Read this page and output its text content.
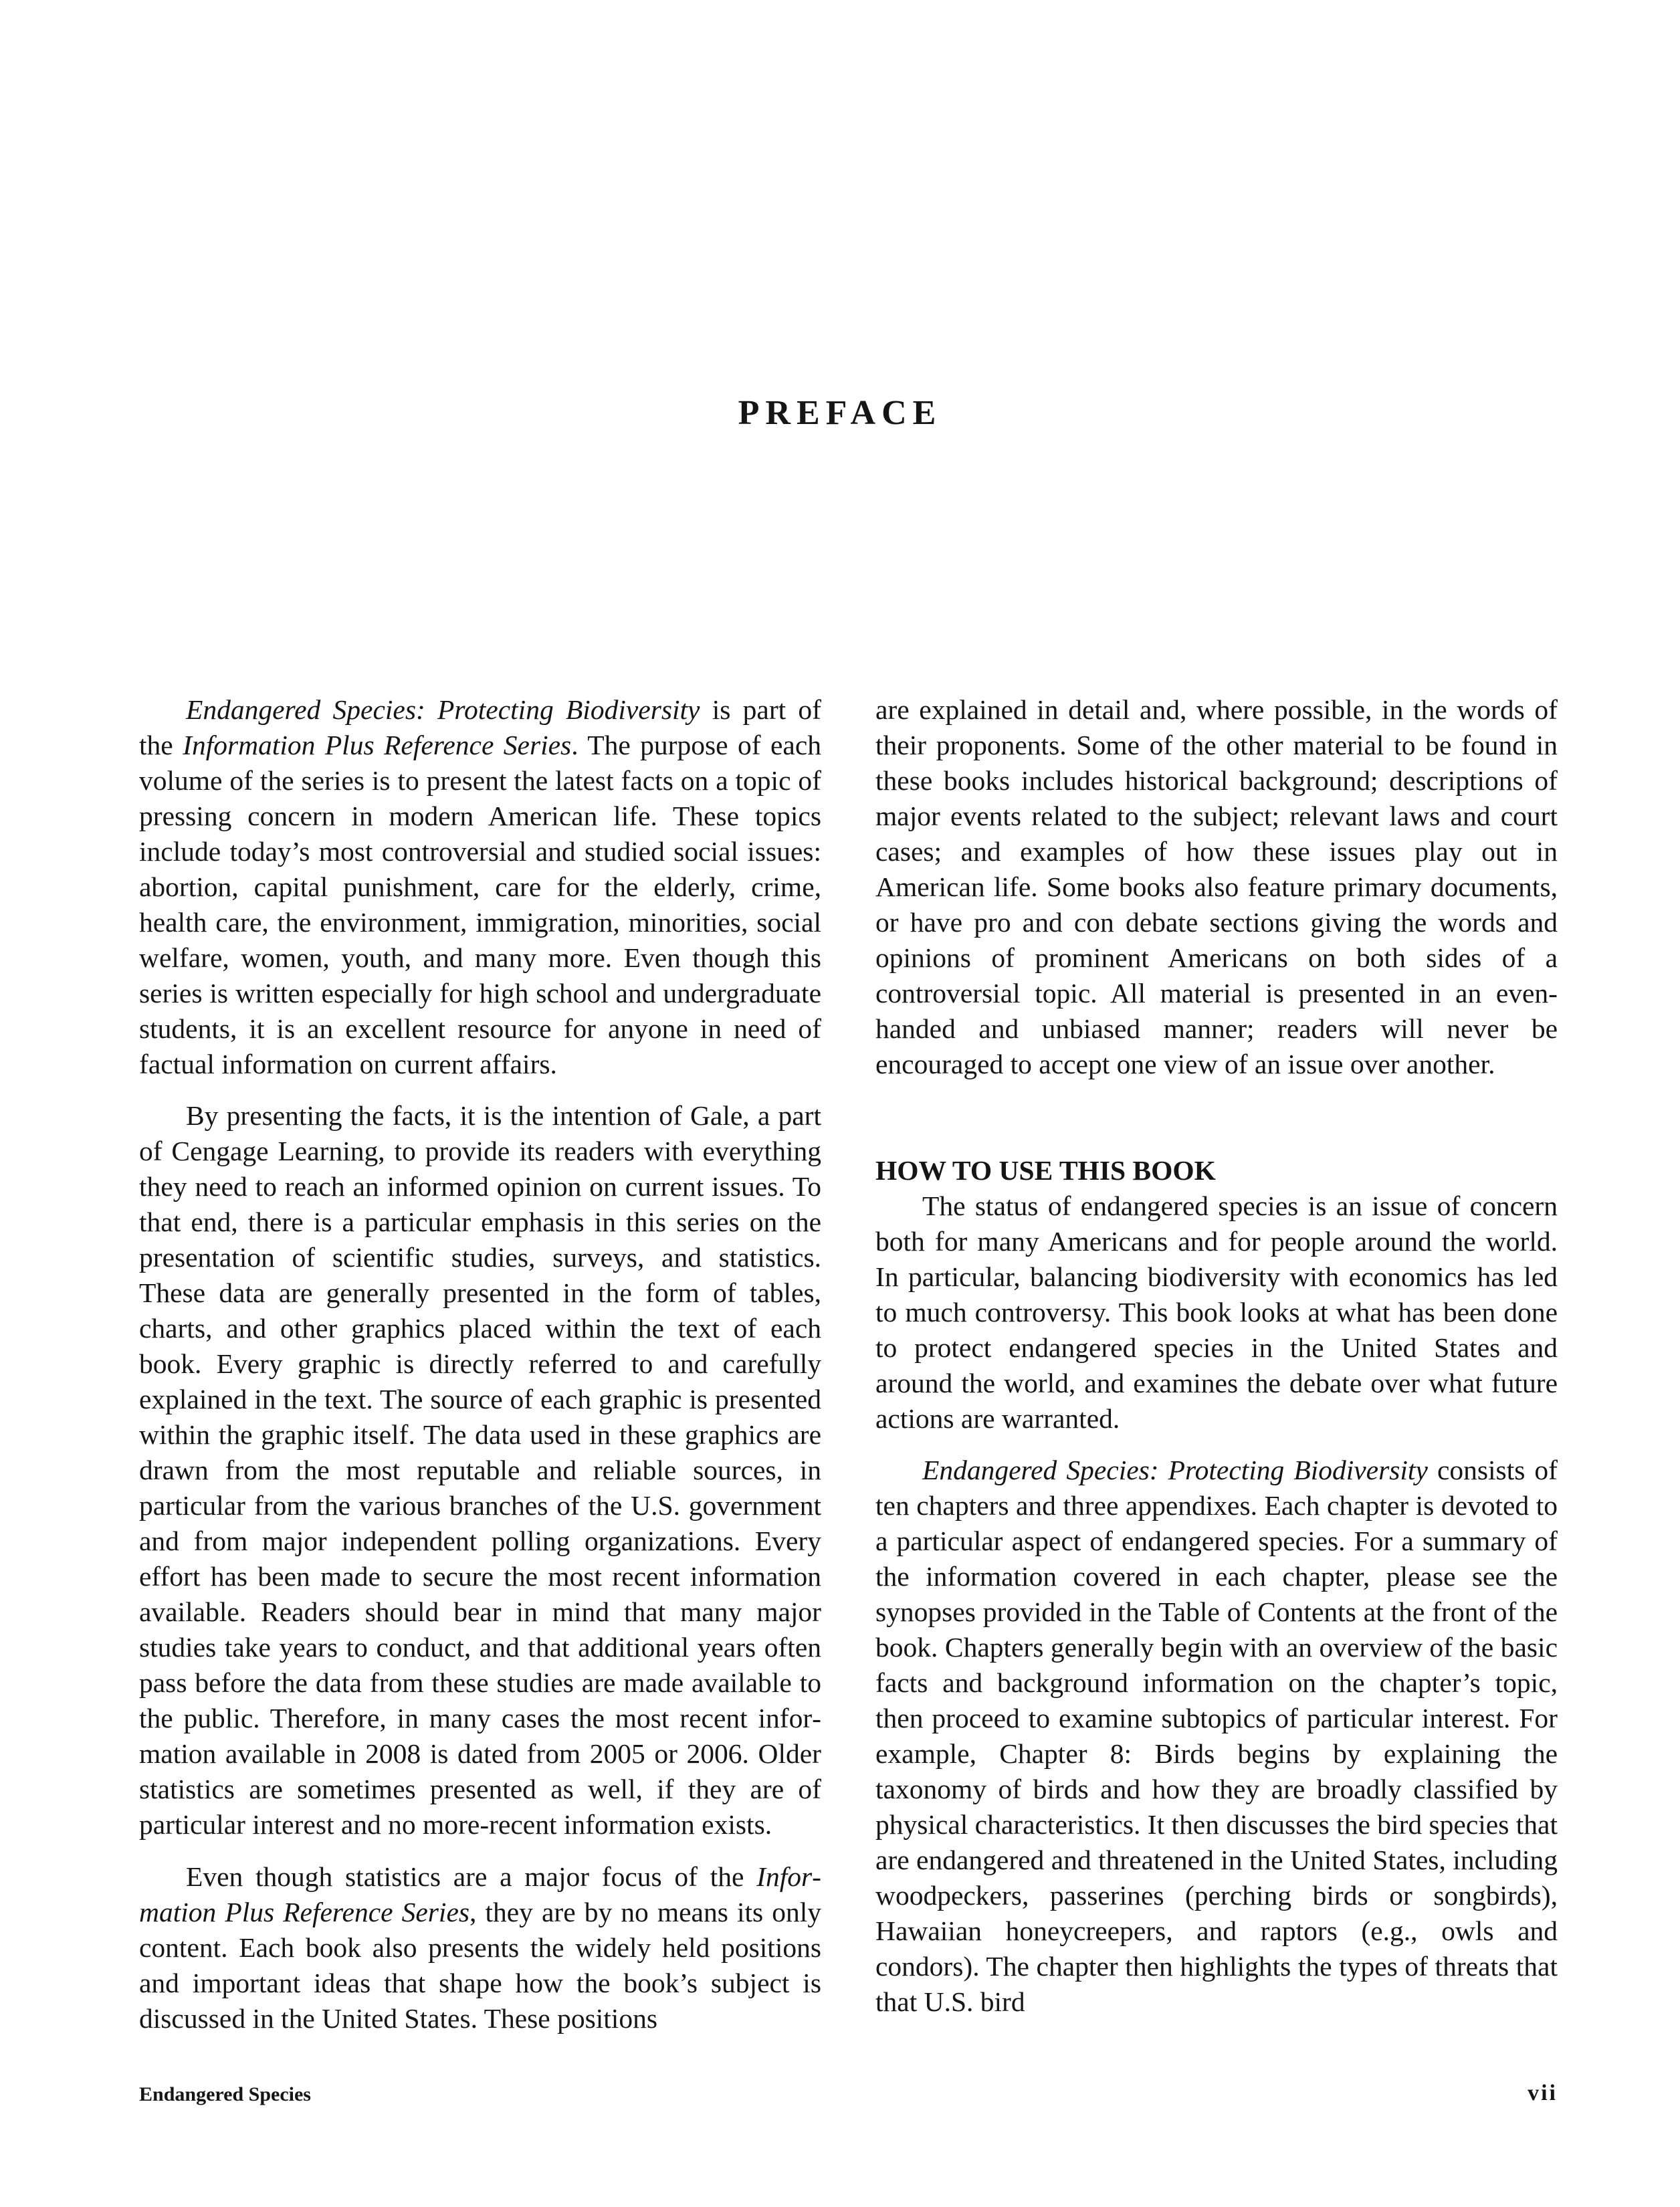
PREFACE

Endangered Species: Protecting Biodiversity is part of the Information Plus Reference Series. The purpose of each volume of the series is to present the latest facts on a topic of pressing concern in modern American life. These topics include today’s most controversial and studied social issues: abortion, capital punishment, care for the elderly, crime, health care, the environment, immigration, minorities, social welfare, women, youth, and many more. Even though this series is written especially for high school and undergraduate students, it is an excellent resource for anyone in need of factual information on current affairs.

By presenting the facts, it is the intention of Gale, a part of Cengage Learning, to provide its readers with everything they need to reach an informed opinion on current issues. To that end, there is a particular emphasis in this series on the presentation of scientific studies, surveys, and statistics. These data are generally presented in the form of tables, charts, and other graphics placed within the text of each book. Every graphic is directly referred to and carefully explained in the text. The source of each graphic is presented within the graphic itself. The data used in these graphics are drawn from the most reputable and reliable sources, in particular from the various branches of the U.S. government and from major independent polling organizations. Every effort has been made to secure the most recent information available. Readers should bear in mind that many major studies take years to conduct, and that additional years often pass before the data from these studies are made available to the public. Therefore, in many cases the most recent information available in 2008 is dated from 2005 or 2006. Older statistics are sometimes presented as well, if they are of particular interest and no more-recent information exists.

Even though statistics are a major focus of the Information Plus Reference Series, they are by no means its only content. Each book also presents the widely held positions and important ideas that shape how the book’s subject is discussed in the United States. These positions

are explained in detail and, where possible, in the words of their proponents. Some of the other material to be found in these books includes historical background; descriptions of major events related to the subject; relevant laws and court cases; and examples of how these issues play out in American life. Some books also feature primary documents, or have pro and con debate sections giving the words and opinions of prominent Americans on both sides of a controversial topic. All material is presented in an even-handed and unbiased manner; readers will never be encouraged to accept one view of an issue over another.

HOW TO USE THIS BOOK

The status of endangered species is an issue of concern both for many Americans and for people around the world. In particular, balancing biodiversity with economics has led to much controversy. This book looks at what has been done to protect endangered species in the United States and around the world, and examines the debate over what future actions are warranted.

Endangered Species: Protecting Biodiversity consists of ten chapters and three appendixes. Each chapter is devoted to a particular aspect of endangered species. For a summary of the information covered in each chapter, please see the synopses provided in the Table of Contents at the front of the book. Chapters generally begin with an overview of the basic facts and background information on the chapter’s topic, then proceed to examine subtopics of particular interest. For example, Chapter 8: Birds begins by explaining the taxonomy of birds and how they are broadly classified by physical characteristics. It then discusses the bird species that are endangered and threatened in the United States, including woodpeckers, passerines (perching birds or songbirds), Hawaiian honeycreepers, and raptors (e.g., owls and condors). The chapter then highlights the types of threats that that U.S. bird

Endangered Species	vii
